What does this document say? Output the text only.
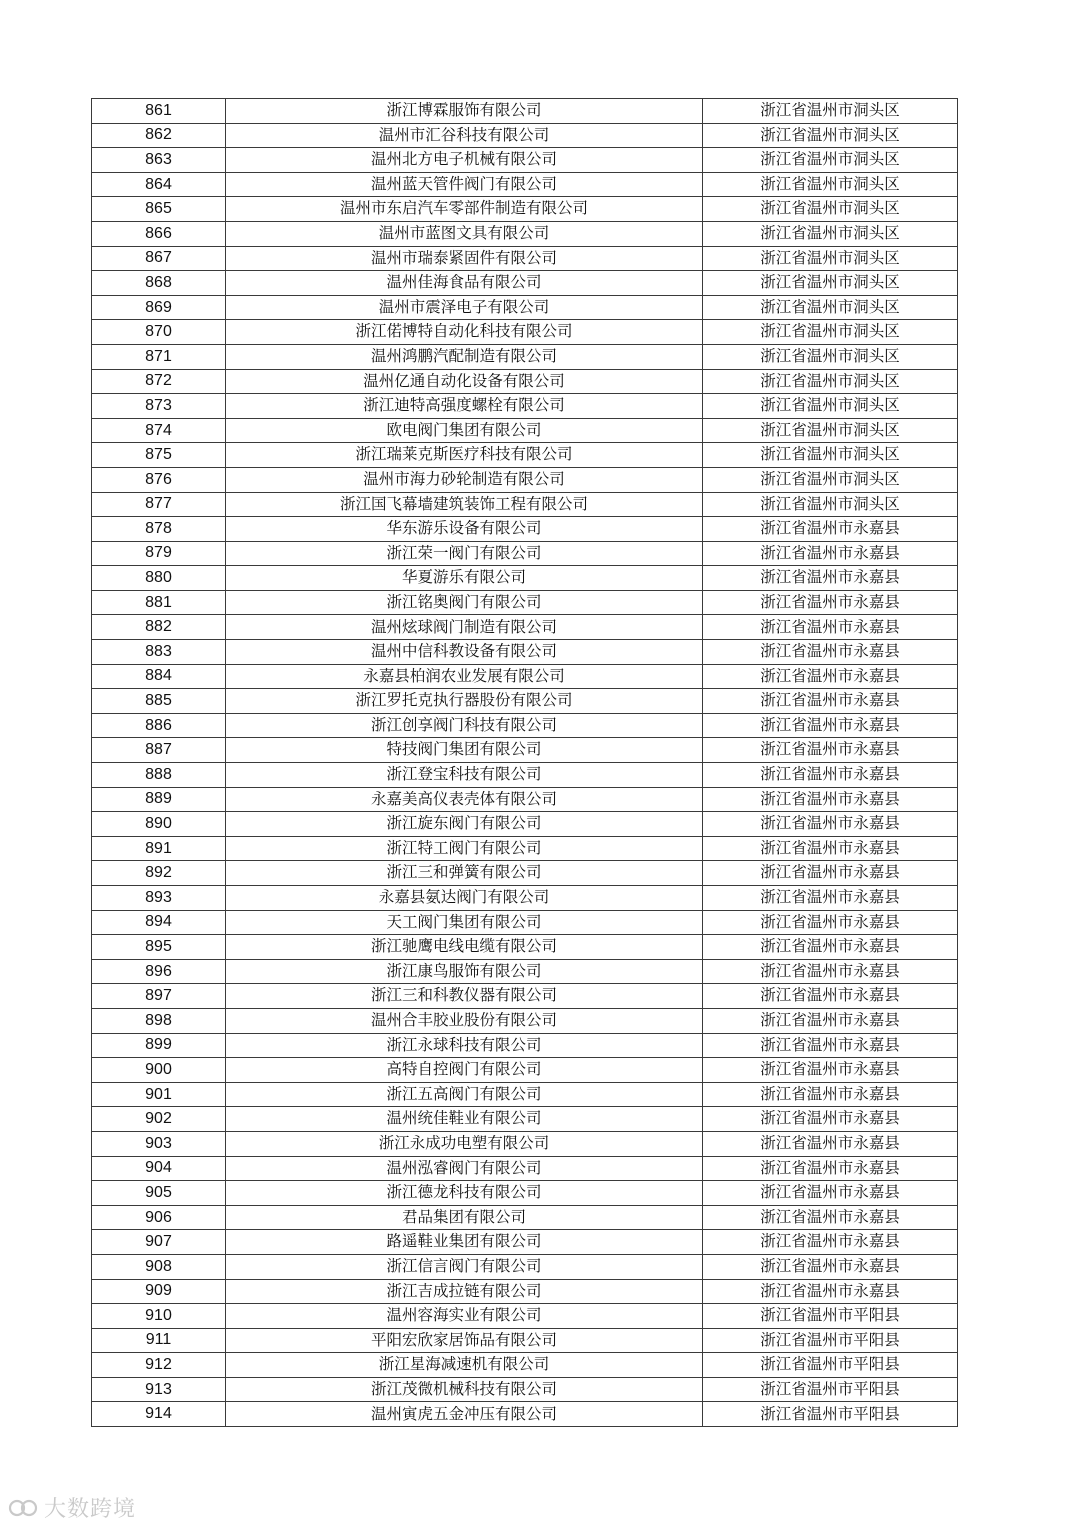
861	浙江博霖服饰有限公司	浙江省温州市洞头区
862	温州市汇谷科技有限公司	浙江省温州市洞头区
863	温州北方电子机械有限公司	浙江省温州市洞头区
864	温州蓝天管件阀门有限公司	浙江省温州市洞头区
865	温州市东启汽车零部件制造有限公司	浙江省温州市洞头区
866	温州市蓝图文具有限公司	浙江省温州市洞头区
867	温州市瑞泰紧固件有限公司	浙江省温州市洞头区
868	温州佳海食品有限公司	浙江省温州市洞头区
869	温州市震泽电子有限公司	浙江省温州市洞头区
870	浙江偌博特自动化科技有限公司	浙江省温州市洞头区
871	温州鸿鹏汽配制造有限公司	浙江省温州市洞头区
872	温州亿通自动化设备有限公司	浙江省温州市洞头区
873	浙江迪特高强度螺栓有限公司	浙江省温州市洞头区
874	欧电阀门集团有限公司	浙江省温州市洞头区
875	浙江瑞莱克斯医疗科技有限公司	浙江省温州市洞头区
876	温州市海力砂轮制造有限公司	浙江省温州市洞头区
877	浙江国飞幕墙建筑装饰工程有限公司	浙江省温州市洞头区
878	华东游乐设备有限公司	浙江省温州市永嘉县
879	浙江荣一阀门有限公司	浙江省温州市永嘉县
880	华夏游乐有限公司	浙江省温州市永嘉县
881	浙江铭奥阀门有限公司	浙江省温州市永嘉县
882	温州炫球阀门制造有限公司	浙江省温州市永嘉县
883	温州中信科教设备有限公司	浙江省温州市永嘉县
884	永嘉县柏润农业发展有限公司	浙江省温州市永嘉县
885	浙江罗托克执行器股份有限公司	浙江省温州市永嘉县
886	浙江创享阀门科技有限公司	浙江省温州市永嘉县
887	特技阀门集团有限公司	浙江省温州市永嘉县
888	浙江登宝科技有限公司	浙江省温州市永嘉县
889	永嘉美高仪表壳体有限公司	浙江省温州市永嘉县
890	浙江旋东阀门有限公司	浙江省温州市永嘉县
891	浙江特工阀门有限公司	浙江省温州市永嘉县
892	浙江三和弹簧有限公司	浙江省温州市永嘉县
893	永嘉县氨达阀门有限公司	浙江省温州市永嘉县
894	天工阀门集团有限公司	浙江省温州市永嘉县
895	浙江驰鹰电线电缆有限公司	浙江省温州市永嘉县
896	浙江康鸟服饰有限公司	浙江省温州市永嘉县
897	浙江三和科教仪器有限公司	浙江省温州市永嘉县
898	温州合丰胶业股份有限公司	浙江省温州市永嘉县
899	浙江永球科技有限公司	浙江省温州市永嘉县
900	高特自控阀门有限公司	浙江省温州市永嘉县
901	浙江五高阀门有限公司	浙江省温州市永嘉县
902	温州统佳鞋业有限公司	浙江省温州市永嘉县
903	浙江永成功电塑有限公司	浙江省温州市永嘉县
904	温州泓睿阀门有限公司	浙江省温州市永嘉县
905	浙江德龙科技有限公司	浙江省温州市永嘉县
906	君品集团有限公司	浙江省温州市永嘉县
907	路遥鞋业集团有限公司	浙江省温州市永嘉县
908	浙江信言阀门有限公司	浙江省温州市永嘉县
909	浙江吉成拉链有限公司	浙江省温州市永嘉县
910	温州容海实业有限公司	浙江省温州市平阳县
911	平阳宏欣家居饰品有限公司	浙江省温州市平阳县
912	浙江星海减速机有限公司	浙江省温州市平阳县
913	浙江茂微机械科技有限公司	浙江省温州市平阳县
914	温州寅虎五金冲压有限公司	浙江省温州市平阳县
大数跨境
